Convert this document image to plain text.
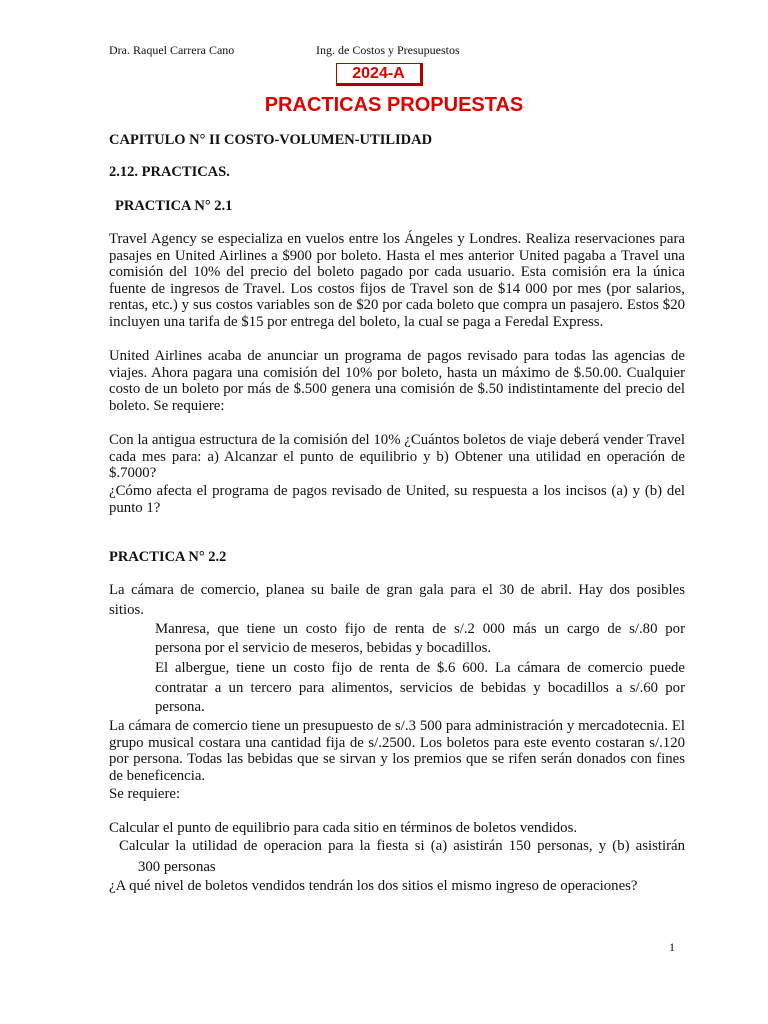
Dra. Raquel Carrera Cano	Ing. de Costos y Presupuestos
2024-A
PRACTICAS PROPUESTAS
CAPITULO N° II COSTO-VOLUMEN-UTILIDAD
2.12. PRACTICAS.
PRACTICA N° 2.1
Travel Agency se especializa en vuelos entre los Ángeles y Londres. Realiza reservaciones para pasajes en United Airlines a $900 por boleto. Hasta el mes anterior United pagaba a Travel una comisión del 10% del precio del boleto pagado por cada usuario. Esta comisión era la única fuente de ingresos de Travel. Los costos fijos de Travel son de $14 000 por mes (por salarios, rentas, etc.) y sus costos variables son de $20 por cada boleto que compra un pasajero. Estos $20 incluyen una tarifa de $15 por entrega del boleto, la cual se paga a Feredal Express.
United Airlines acaba de anunciar un programa de pagos revisado para todas las agencias de viajes. Ahora pagara una comisión del 10% por boleto, hasta un máximo de $.50.00. Cualquier costo de un boleto por más de $.500 genera una comisión de $.50 indistintamente del precio del boleto. Se requiere:
Con la antigua estructura de la comisión del 10% ¿Cuántos boletos de viaje deberá vender Travel cada mes para: a) Alcanzar el punto de equilibrio y b) Obtener una utilidad en operación de $.7000?
¿Cómo afecta el programa de pagos revisado de United, su respuesta a los incisos (a) y (b) del punto 1?
PRACTICA N° 2.2
La cámara de comercio, planea su baile de gran gala para el 30 de abril. Hay dos posibles
sitios.
Manresa, que tiene un costo fijo de renta de s/.2 000 más un cargo de s/.80 por
persona por el servicio de meseros, bebidas y bocadillos.
El albergue, tiene un costo fijo de renta de $.6 600. La cámara de comercio puede
contratar a un tercero para alimentos, servicios de bebidas y bocadillos a s/.60 por
persona.
La cámara de comercio tiene un presupuesto de s/.3 500 para administración y mercadotecnia. El grupo musical costara una cantidad fija de s/.2500. Los boletos para este evento costaran s/.120 por persona. Todas las bebidas que se sirvan y los premios que se rifen serán donados con fines de beneficencia.
Se requiere:
Calcular el punto de equilibrio para cada sitio en términos de boletos vendidos.
Calcular la utilidad de operacion para la fiesta si (a) asistirán 150 personas, y (b) asistirán
300 personas
¿A qué nivel de boletos vendidos tendrán los dos sitios el mismo ingreso de operaciones?
1
